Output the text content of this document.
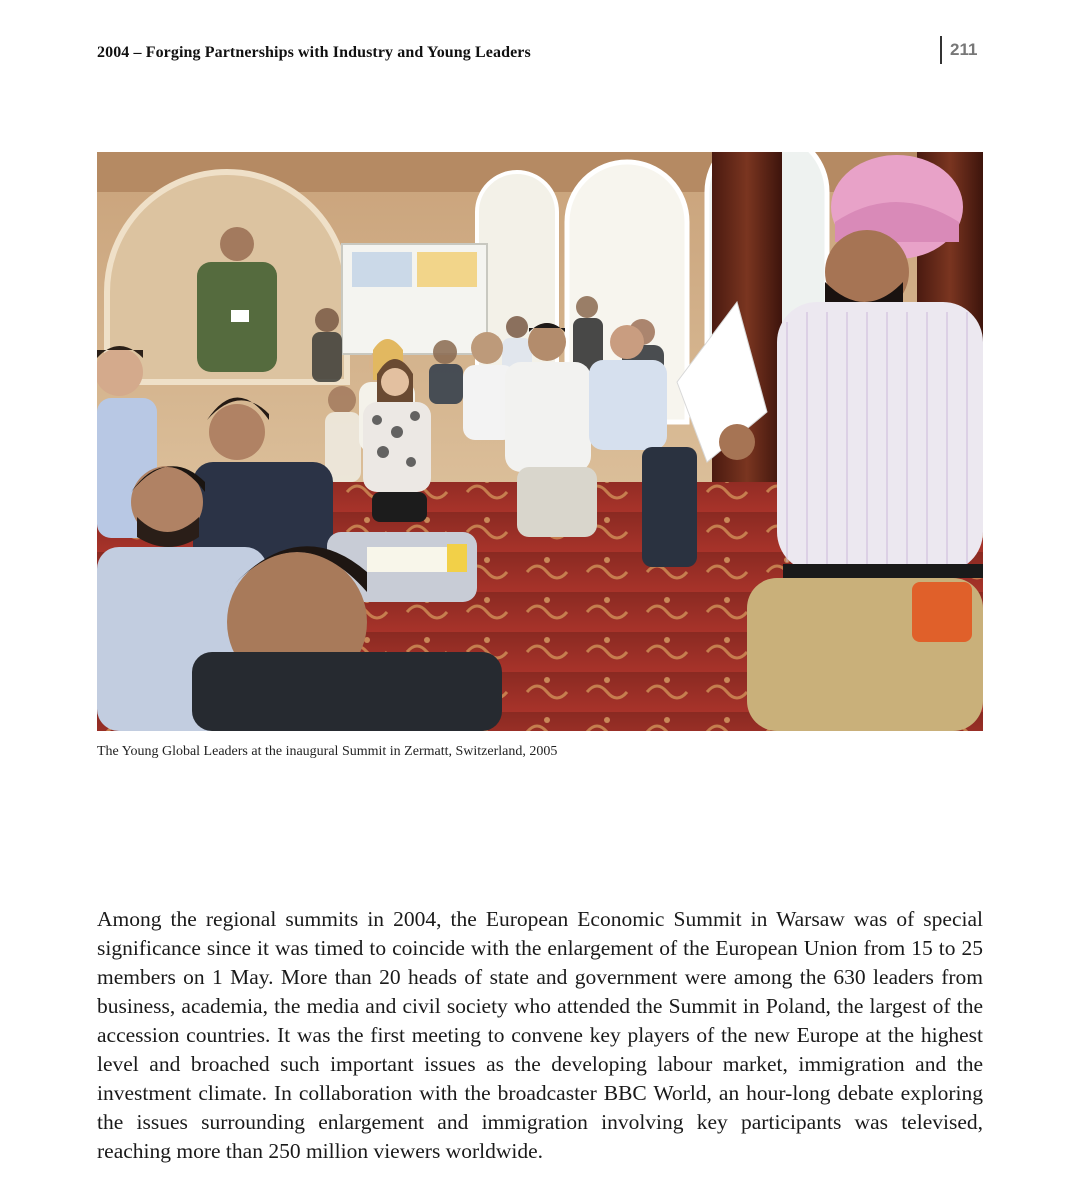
2004 – Forging Partnerships with Industry and Young Leaders	211
The Young Global Leaders at the inaugural Summit in Zermatt, Switzerland, 2005

Among the regional summits in 2004, the European Economic Summit in Warsaw was of special significance since it was timed to coincide with the enlargement of the European Union from 15 to 25 members on 1 May. More than 20 heads of state and government were among the 630 leaders from business, academia, the media and civil society who attended the Summit in Poland, the largest of the accession countries. It was the first meeting to convene key players of the new Europe at the highest level and broached such important issues as the developing labour market, immigration and the investment climate. In collaboration with the broadcaster BBC World, an hour-long debate exploring the issues surrounding enlargement and immigration involving key participants was televised, reaching more than 250 million viewers worldwide.
